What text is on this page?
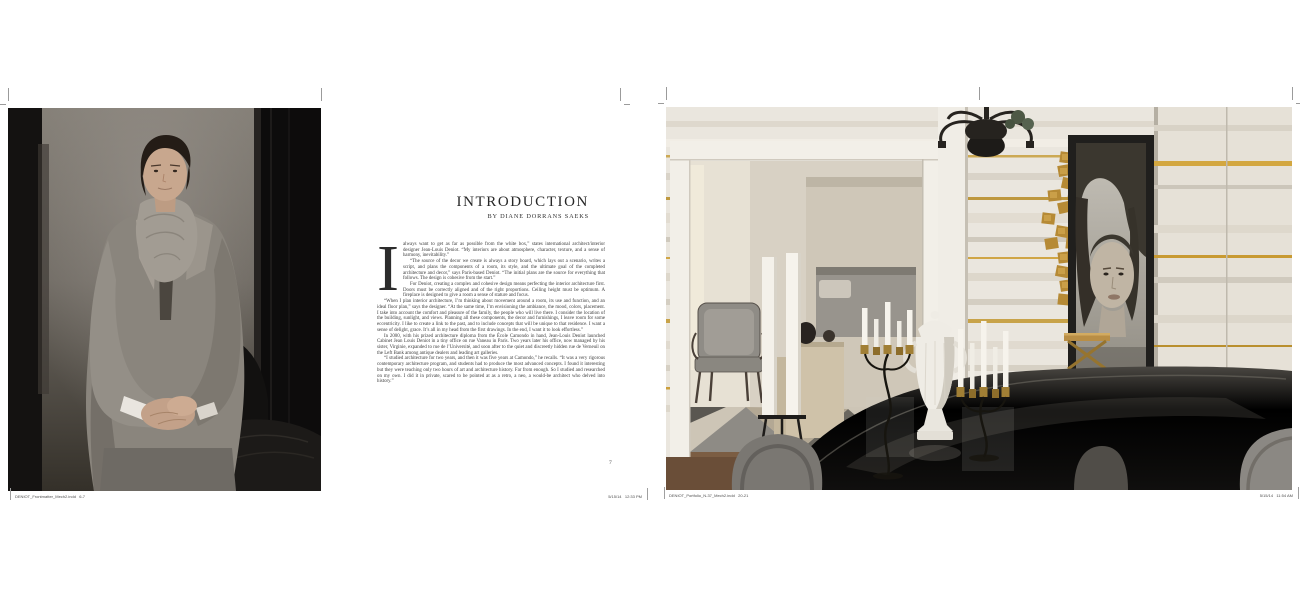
INTRODUCTION
BY DIANE DORRANS SAEKS
I always want to get as far as possible from the white box,” states international architect/interior designer Jean-Louis Deniot. “My interiors are about atmosphere, character, texture, and a sense of harmony, inevitability.”

“The source of the decor we create is always a story board, which lays out a scenario, writes a script, and plans the components of a room, its style, and the ultimate goal of the completed architecture and decor,” says Paris-based Deniot. “The initial plans are the source for everything that follows. The design is cohesive from the start.”

For Deniot, creating a complex and cohesive design means perfecting the interior architecture first. Doors must be correctly aligned and of the right proportions. Ceiling height must be optimum. A fireplace is designed to give a room a sense of stature and focus.

“When I plan interior architecture, I’m thinking about movement around a room, its use and function, and an ideal floor plan,” says the designer. “At the same time, I’m envisioning the ambiance, the mood, colors, placement. I take into account the comfort and pleasure of the family, the people who will live there. I consider the location of the building, sunlight, and views. Planning all these components, the decor and furnishings, I leave room for some eccentricity. I like to create a link to the past, and to include concepts that will be unique to that residence. I want a sense of delight, grace. It’s all in my head from the first drawings. In the end, I want it to look effortless.”

In 2000, with his prized architecture diploma from the École Camondo in hand, Jean-Louis Deniot launched Cabinet Jean Louis Deniot in a tiny office on rue Vaneau in Paris. Two years later his office, now managed by his sister, Virginie, expanded to rue de l’Université, and soon after to the quiet and discreetly hidden rue de Verneuil on the Left Bank among antique dealers and leading art galleries.

“I studied architecture for two years, and then it was five years at Camondo,” he recalls. “It was a very rigorous contemporary architecture program, and students had to produce the most advanced concepts. I found it interesting but they were teaching only two hours of art and architecture history. Far from enough. So I studied and researched on my own. I did it in private, scared to be pointed at as a retro, a neo, a would-be architect who delved into history.”

7
DENIOT_Frontmatter_Mech2.indd   6-7	5/15/14   12:33 PM	DENIOT_Portfolio_N-37_Mech2.indd   20-21	5/15/14   11:54 AM
